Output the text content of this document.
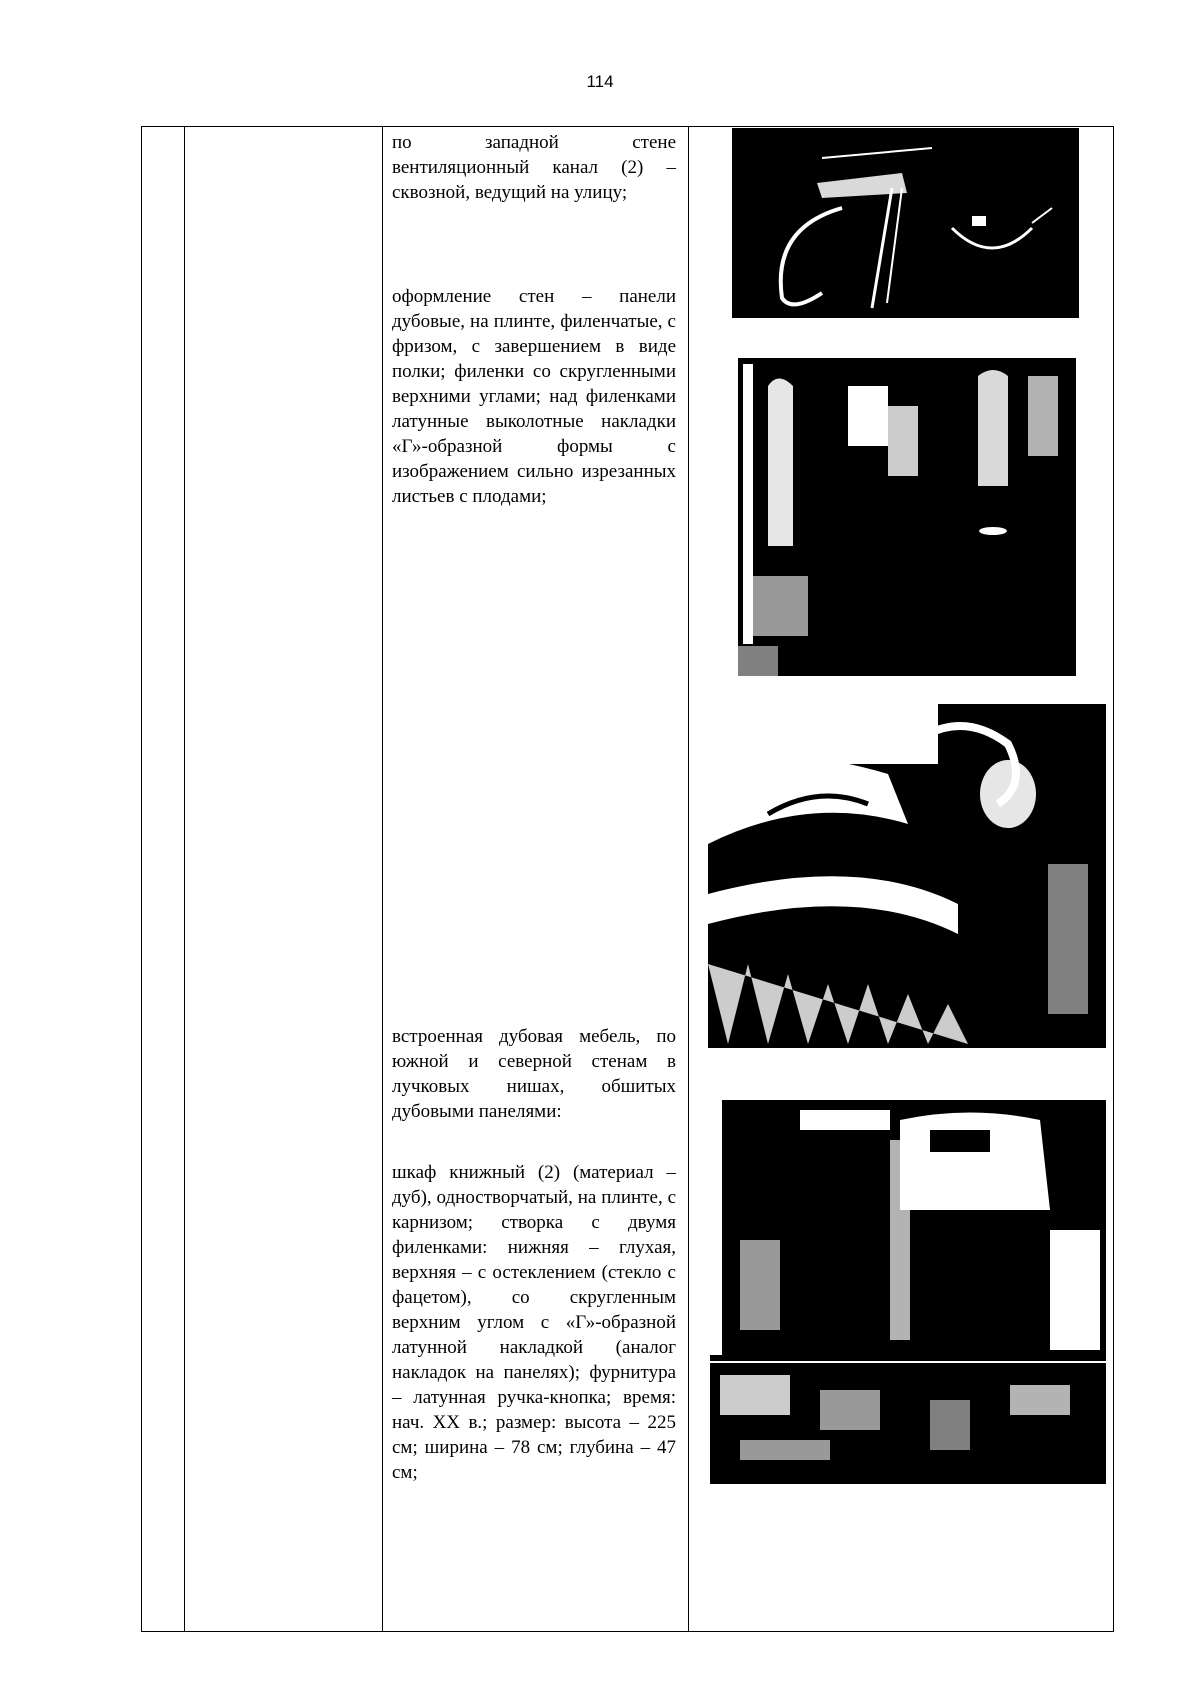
114
по западной стене вентиляционный канал (2) – сквозной, ведущий на улицу;
оформление стен – панели дубовые, на плинте, филенчатые, с фризом, с завершением в виде полки; филенки со скругленными верхними углами; над филенками латунные выколотные накладки «Г»-образной формы с изображением сильно изрезанных листьев с плодами;
встроенная дубовая мебель, по южной и северной стенам в лучковых нишах, обшитых дубовыми панелями:
шкаф книжный (2) (материал – дуб), одностворчатый, на плинте, с карнизом; створка с двумя филенками: нижняя – глухая, верхняя – с остеклением (стекло с фацетом), со скругленным верхним углом с «Г»-образной латунной накладкой (аналог накладок на панелях); фурнитура – латунная ручка-кнопка; время: нач. XX в.; размер: высота – 225 см; ширина – 78 см; глубина – 47 см;
